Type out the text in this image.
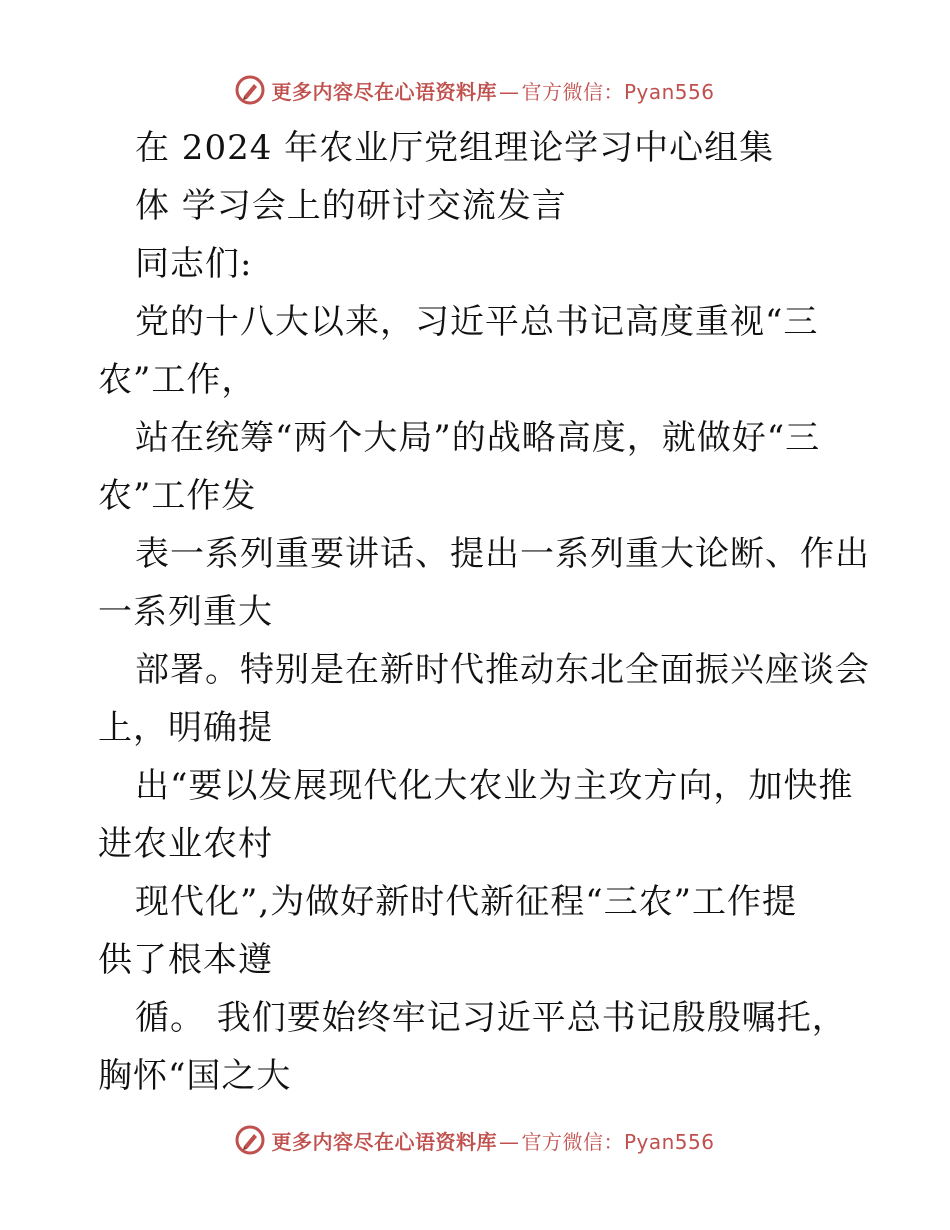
更多内容尽在心语资料库 — 官方微信：Pyan556
在 2024 年农业厅党组理论学习中心组集
体 学习会上的研讨交流发言
同志们:
党的十八大以来，习近平总书记高度重视“三
农”工作，
站在统筹“两个大局”的战略高度，就做好“三
农”工作发
表一系列重要讲话、提出一系列重大论断、作出
一系列重大
部署。特别是在新时代推动东北全面振兴座谈会
上，明确提
出“要以发展现代化大农业为主攻方向，加快推
进农业农村
现代化”,为做好新时代新征程“三农”工作提
供了根本遵
循。 我们要始终牢记习近平总书记殷殷嘱托，
胸怀“国之大
更多内容尽在心语资料库 — 官方微信：Pyan556
